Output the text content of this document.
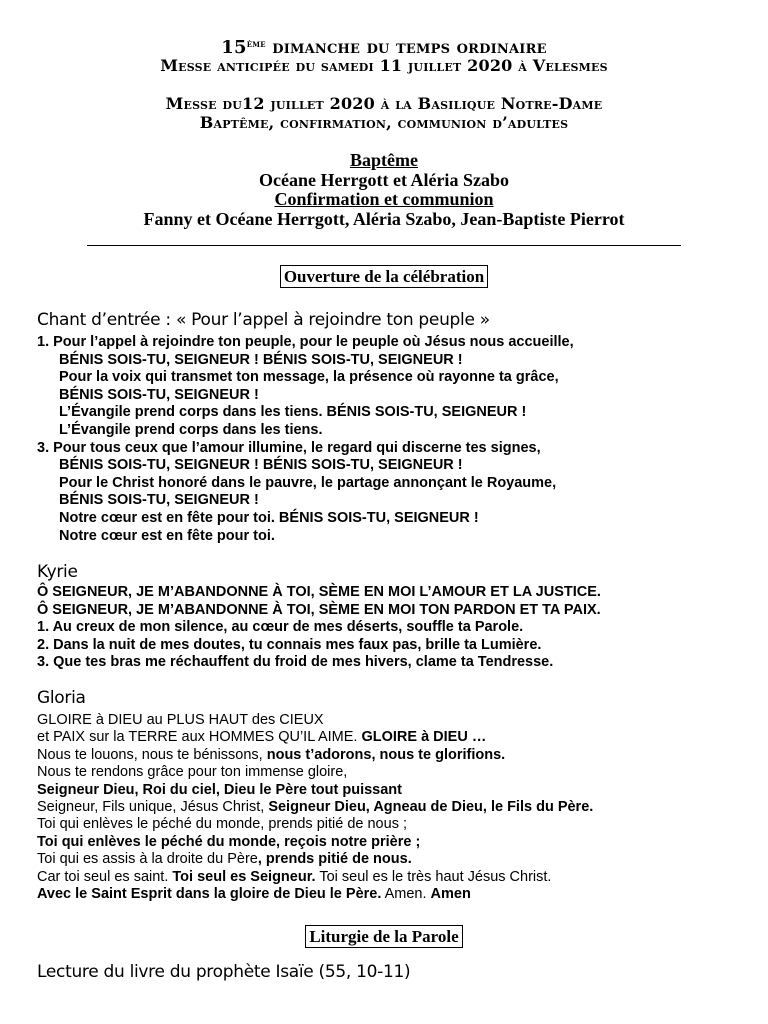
15ème dimanche du temps ordinaire
Messe anticipée du samedi 11 juillet 2020 à Velesmes
Messe du12 juillet 2020 à la Basilique Notre-Dame
Baptême, confirmation, communion d’adultes
Baptême
Océane Herrgott et Aléria Szabo
Confirmation et communion
Fanny et Océane Herrgott, Aléria Szabo, Jean-Baptiste Pierrot
Ouverture de la célébration
Chant d’entrée : « Pour l’appel à rejoindre ton peuple »
1. Pour l’appel à rejoindre ton peuple, pour le peuple où Jésus nous accueille,
BÉNIS SOIS-TU, SEIGNEUR ! BÉNIS SOIS-TU, SEIGNEUR !
Pour la voix qui transmet ton message, la présence où rayonne ta grâce,
BÉNIS SOIS-TU, SEIGNEUR !
L’Évangile prend corps dans les tiens. BÉNIS SOIS-TU, SEIGNEUR !
L’Évangile prend corps dans les tiens.
3. Pour tous ceux que l’amour illumine, le regard qui discerne tes signes,
BÉNIS SOIS-TU, SEIGNEUR ! BÉNIS SOIS-TU, SEIGNEUR !
Pour le Christ honoré dans le pauvre, le partage annonçant le Royaume,
BÉNIS SOIS-TU, SEIGNEUR !
Notre cœur est en fête pour toi. BÉNIS SOIS-TU, SEIGNEUR !
Notre cœur est en fête pour toi.
Kyrie
Ô SEIGNEUR, JE M’ABANDONNE À TOI, SÈME EN MOI L’AMOUR ET LA JUSTICE.
Ô SEIGNEUR, JE M’ABANDONNE À TOI, SÈME EN MOI TON PARDON ET TA PAIX.
1. Au creux de mon silence, au cœur de mes déserts, souffle ta Parole.
2. Dans la nuit de mes doutes, tu connais mes faux pas, brille ta Lumière.
3. Que tes bras me réchauffent du froid de mes hivers, clame ta Tendresse.
Gloria
GLOIRE à DIEU au PLUS HAUT des CIEUX
et PAIX sur la TERRE aux HOMMES QU’IL AIME. GLOIRE à DIEU …
Nous te louons, nous te bénissons, nous t’adorons, nous te glorifions.
Nous te rendons grâce pour ton immense gloire,
Seigneur Dieu, Roi du ciel, Dieu le Père tout puissant
Seigneur, Fils unique, Jésus Christ, Seigneur Dieu, Agneau de Dieu, le Fils du Père.
Toi qui enlèves le péché du monde, prends pitié de nous ;
Toi qui enlèves le péché du monde, reçois notre prière ;
Toi qui es assis à la droite du Père, prends pitié de nous.
Car toi seul es saint. Toi seul es Seigneur. Toi seul es le très haut Jésus Christ.
Avec le Saint Esprit dans la gloire de Dieu le Père. Amen. Amen
Liturgie de la Parole
Lecture du livre du prophète Isaïe (55, 10-11)
